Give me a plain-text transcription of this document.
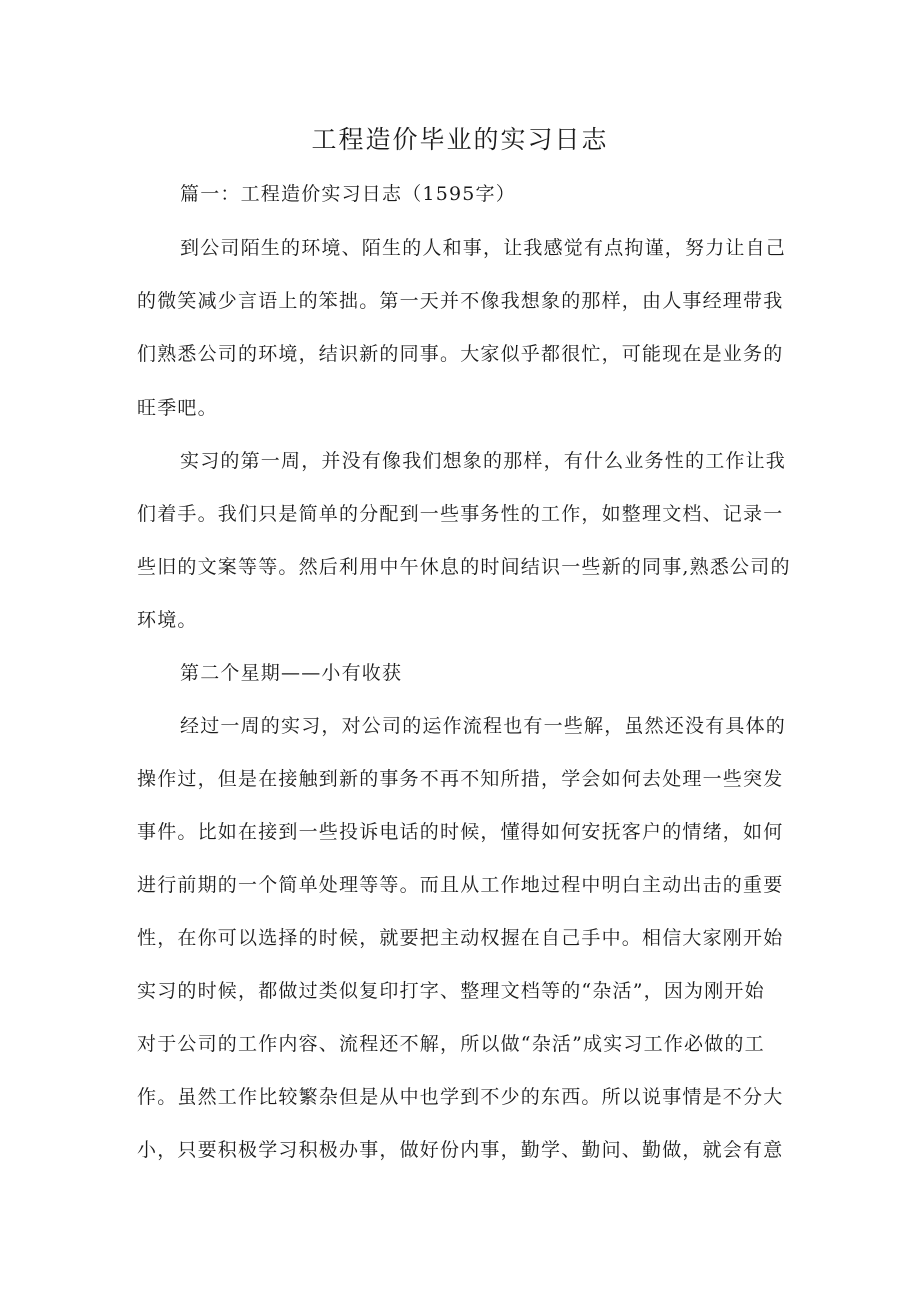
工程造价毕业的实习日志
篇一：工程造价实习日志（1595字）
到公司陌生的环境、陌生的人和事，让我感觉有点拘谨，努力让自己
的微笑减少言语上的笨拙。第一天并不像我想象的那样，由人事经理带我
们熟悉公司的环境，结识新的同事。大家似乎都很忙，可能现在是业务的
旺季吧。
实习的第一周，并没有像我们想象的那样，有什么业务性的工作让我
们着手。我们只是简单的分配到一些事务性的工作，如整理文档、记录一
些旧的文案等等。然后利用中午休息的时间结识一些新的同事,熟悉公司的
环境。
第二个星期——小有收获
经过一周的实习，对公司的运作流程也有一些解，虽然还没有具体的
操作过，但是在接触到新的事务不再不知所措，学会如何去处理一些突发
事件。比如在接到一些投诉电话的时候，懂得如何安抚客户的情绪，如何
进行前期的一个简单处理等等。而且从工作地过程中明白主动出击的重要
性，在你可以选择的时候，就要把主动权握在自己手中。相信大家刚开始
实习的时候，都做过类似复印打字、整理文档等的“杂活”，因为刚开始
对于公司的工作内容、流程还不解，所以做“杂活”成实习工作必做的工
作。虽然工作比较繁杂但是从中也学到不少的东西。所以说事情是不分大
小，只要积极学习积极办事，做好份内事，勤学、勤问、勤做，就会有意
